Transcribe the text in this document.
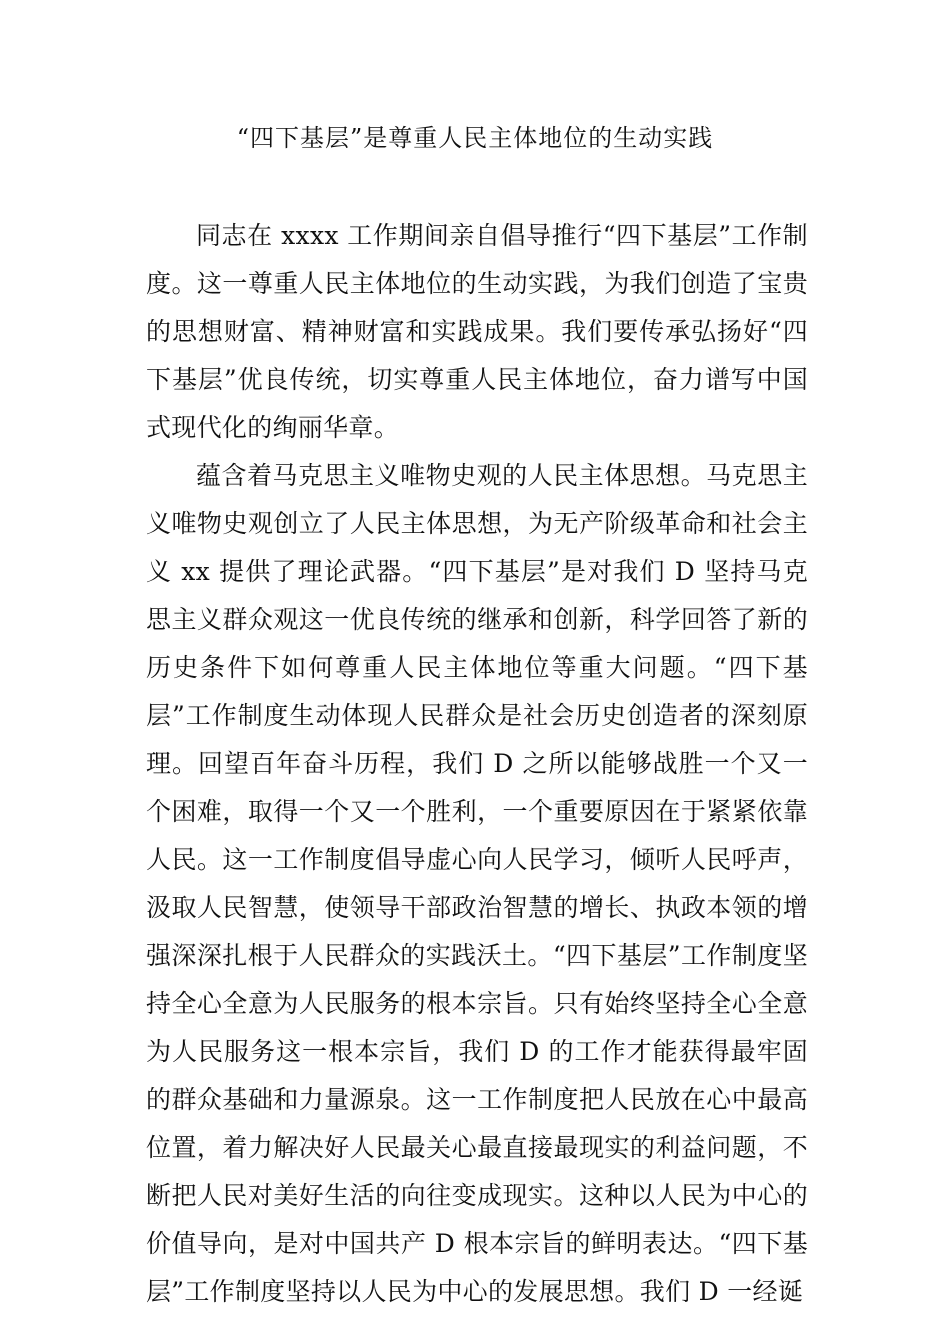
“四下基层”是尊重人民主体地位的生动实践

同志在 xxxx 工作期间亲自倡导推行“四下基层”工作制度。这一尊重人民主体地位的生动实践，为我们创造了宝贵的思想财富、精神财富和实践成果。我们要传承弘扬好“四下基层”优良传统，切实尊重人民主体地位，奋力谱写中国式现代化的绚丽华章。

蕴含着马克思主义唯物史观的人民主体思想。马克思主义唯物史观创立了人民主体思想，为无产阶级革命和社会主义 xx 提供了理论武器。“四下基层”是对我们 D 坚持马克思主义群众观这一优良传统的继承和创新，科学回答了新的历史条件下如何尊重人民主体地位等重大问题。“四下基层”工作制度生动体现人民群众是社会历史创造者的深刻原理。回望百年奋斗历程，我们 D 之所以能够战胜一个又一个困难，取得一个又一个胜利，一个重要原因在于紧紧依靠人民。这一工作制度倡导虚心向人民学习，倾听人民呼声，汲取人民智慧，使领导干部政治智慧的增长、执政本领的增强深深扎根于人民群众的实践沃土。“四下基层”工作制度坚持全心全意为人民服务的根本宗旨。只有始终坚持全心全意为人民服务这一根本宗旨，我们 D 的工作才能获得最牢固的群众基础和力量源泉。这一工作制度把人民放在心中最高位置，着力解决好人民最关心最直接最现实的利益问题，不断把人民对美好生活的向往变成现实。这种以人民为中心的价值导向，是对中国共产 D 根本宗旨的鲜明表达。“四下基层”工作制度坚持以人民为中心的发展思想。我们 D 一经诞
